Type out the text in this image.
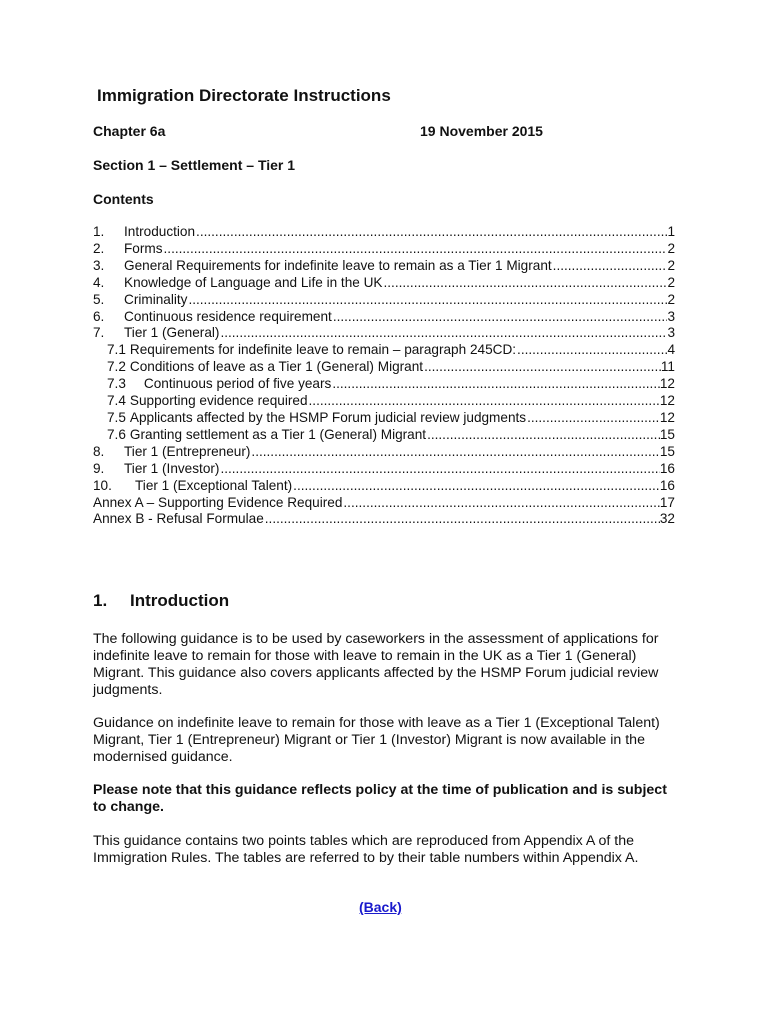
Immigration Directorate Instructions
Chapter 6a	19 November 2015
Section 1 – Settlement – Tier 1
Contents
1.	Introduction .....	1
2.	Forms .....	2
3.	General Requirements for indefinite leave to remain as a Tier 1 Migrant .....	2
4.	Knowledge of Language and Life in the UK .....	2
5.	Criminality .....	2
6.	Continuous residence requirement .....	3
7.	Tier 1 (General) .....	3
7.1 Requirements for indefinite leave to remain – paragraph 245CD: .....	4
7.2 Conditions of leave as a Tier 1 (General) Migrant .....	11
7.3	Continuous period of five years .....	12
7.4 Supporting evidence required .....	12
7.5 Applicants affected by the HSMP Forum judicial review judgments .....	12
7.6 Granting settlement as a Tier 1 (General) Migrant .....	15
8.	Tier 1 (Entrepreneur) .....	15
9.	Tier 1 (Investor) .....	16
10.	Tier 1 (Exceptional Talent) .....	16
Annex A – Supporting Evidence Required .....	17
Annex B - Refusal Formulae .....	32
1. Introduction

The following guidance is to be used by caseworkers in the assessment of applications for indefinite leave to remain for those with leave to remain in the UK as a Tier 1 (General) Migrant. This guidance also covers applicants affected by the HSMP Forum judicial review judgments.

Guidance on indefinite leave to remain for those with leave as a Tier 1 (Exceptional Talent) Migrant, Tier 1 (Entrepreneur) Migrant or Tier 1 (Investor) Migrant is now available in the modernised guidance.

Please note that this guidance reflects policy at the time of publication and is subject to change.

This guidance contains two points tables which are reproduced from Appendix A of the Immigration Rules. The tables are referred to by their table numbers within Appendix A.

(Back)
